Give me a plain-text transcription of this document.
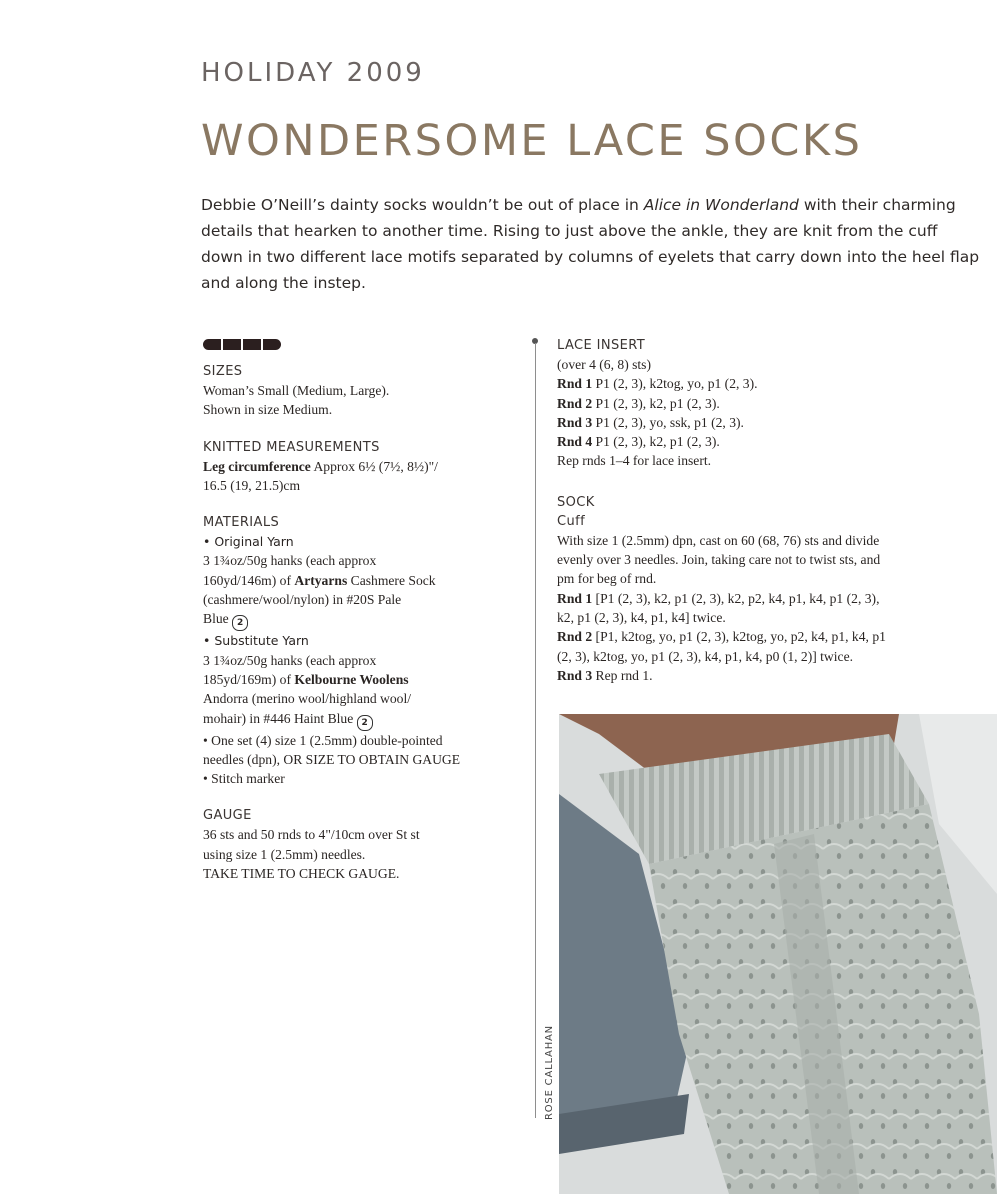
HOLIDAY 2009
WONDERSOME LACE SOCKS

Debbie O’Neill’s dainty socks wouldn’t be out of place in Alice in Wonderland with their charming details that hearken to another time. Rising to just above the ankle, they are knit from the cuff down in two different lace motifs separated by columns of eyelets that carry down into the heel flap and along the instep.

SIZES

Woman’s Small (Medium, Large).

Shown in size Medium.

KNITTED MEASUREMENTS

Leg circumference Approx 6½ (7½, 8½)"/

16.5 (19, 21.5)cm

MATERIALS

• Original Yarn

3 1¾oz/50g hanks (each approx

160yd/146m) of Artyarns Cashmere Sock

(cashmere/wool/nylon) in #20S Pale

Blue 2

• Substitute Yarn

3 1¾oz/50g hanks (each approx

185yd/169m) of Kelbourne Woolens

Andorra (merino wool/highland wool/

mohair) in #446 Haint Blue 2

• One set (4) size 1 (2.5mm) double-pointed

needles (dpn), OR SIZE TO OBTAIN GAUGE

• Stitch marker

GAUGE

36 sts and 50 rnds to 4"/10cm over St st

using size 1 (2.5mm) needles.

TAKE TIME TO CHECK GAUGE.

LACE INSERT

(over 4 (6, 8) sts)

Rnd 1 P1 (2, 3), k2tog, yo, p1 (2, 3).

Rnd 2 P1 (2, 3), k2, p1 (2, 3).

Rnd 3 P1 (2, 3), yo, ssk, p1 (2, 3).

Rnd 4 P1 (2, 3), k2, p1 (2, 3).

Rep rnds 1–4 for lace insert.

SOCK

Cuff

With size 1 (2.5mm) dpn, cast on 60 (68, 76) sts and divide

evenly over 3 needles. Join, taking care not to twist sts, and

pm for beg of rnd.

Rnd 1 [P1 (2, 3), k2, p1 (2, 3), k2, p2, k4, p1, k4, p1 (2, 3),

k2, p1 (2, 3), k4, p1, k4] twice.

Rnd 2 [P1, k2tog, yo, p1 (2, 3), k2tog, yo, p2, k4, p1, k4, p1

(2, 3), k2tog, yo, p1 (2, 3), k4, p1, k4, p0 (1, 2)] twice.

Rnd 3 Rep rnd 1.

ROSE CALLAHAN
